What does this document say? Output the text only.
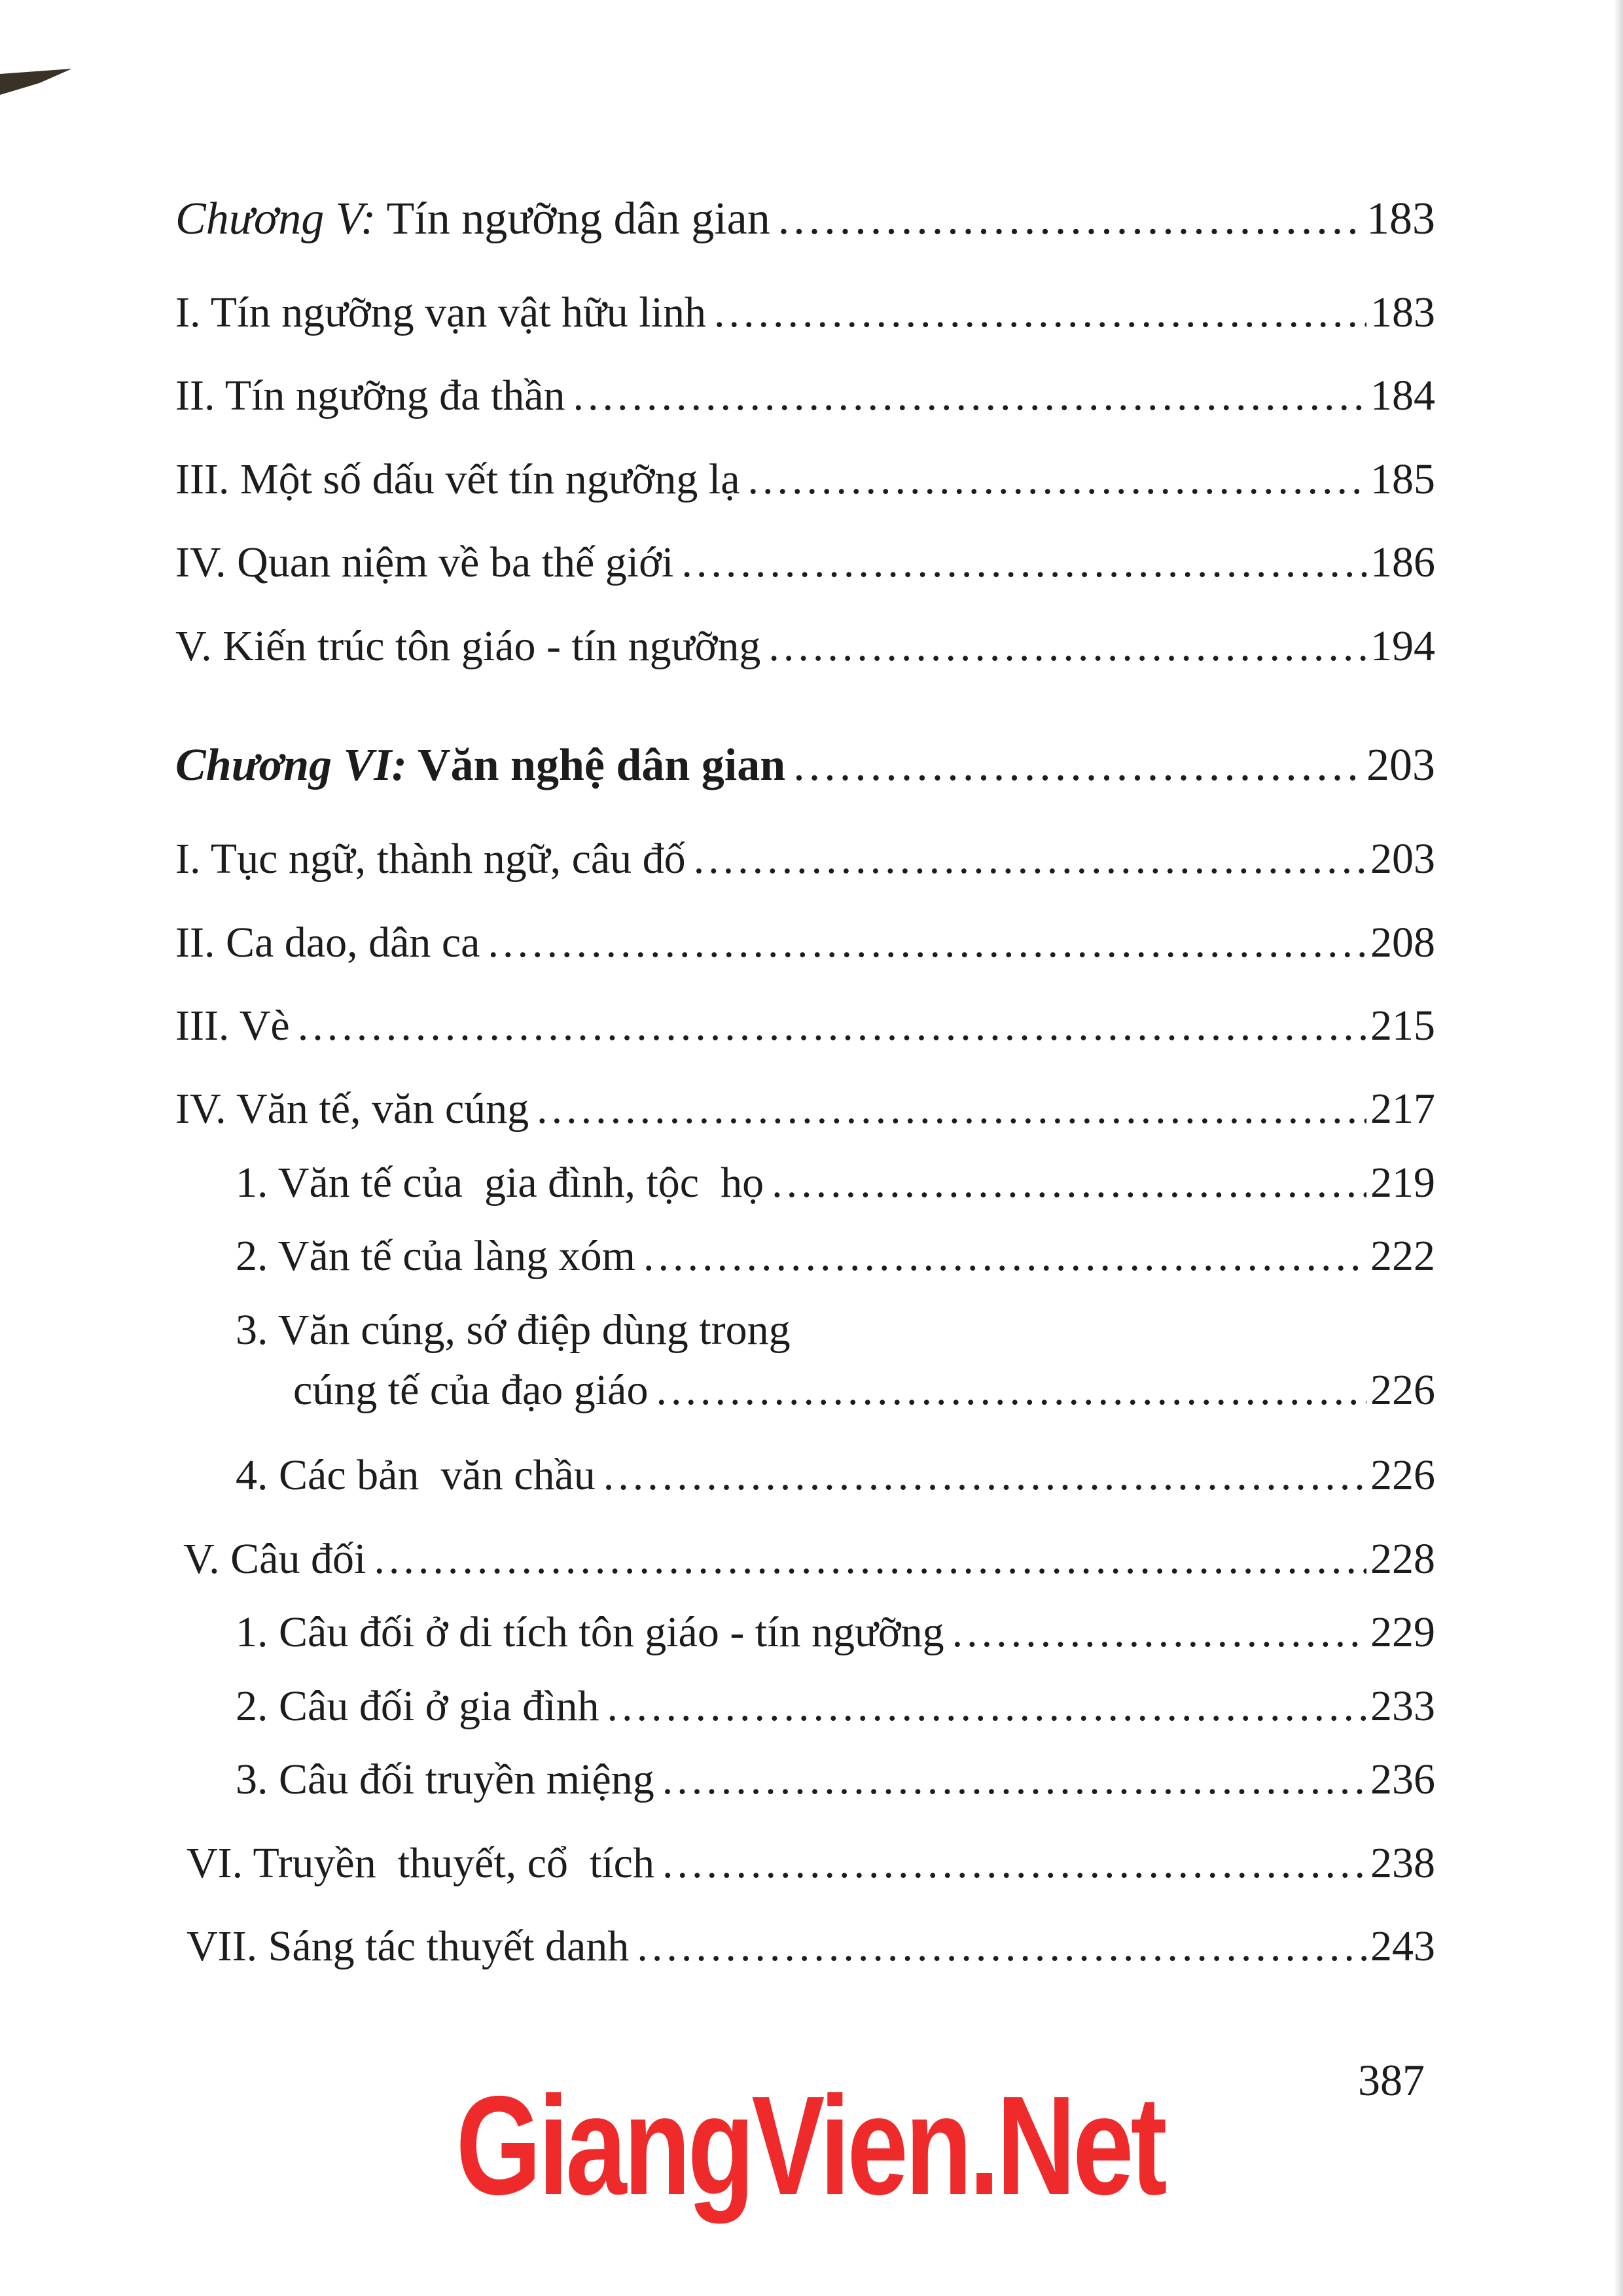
Chương V: Tín ngưỡng dân gian .....	183
I. Tín ngưỡng vạn vật hữu linh .....	183
II. Tín ngưỡng đa thần .....	184
III. Một số dấu vết tín ngưỡng lạ .....	185
IV. Quan niệm về ba thế giới .....	186
V. Kiến trúc tôn giáo - tín ngưỡng .....	194
Chương VI: Văn nghệ dân gian .....	203
I. Tục ngữ, thành ngữ, câu đố .....	203
II. Ca dao, dân ca .....	208
III. Vè .....	215
IV. Văn tế, văn cúng .....	217
1. Văn tế của  gia đình, tộc  họ .....	219
2. Văn tế của làng xóm .....	222
3. Văn cúng, sớ điệp dùng trong
cúng tế của đạo giáo .....	226
4. Các bản  văn chầu .....	226
V. Câu đối .....	228
1. Câu đối ở di tích tôn giáo - tín ngưỡng .....	229
2. Câu đối ở gia đình .....	233
3. Câu đối truyền miệng .....	236
VI. Truyền  thuyết, cổ  tích .....	238
VII. Sáng tác thuyết danh .....	243
387
GiangVien.Net
